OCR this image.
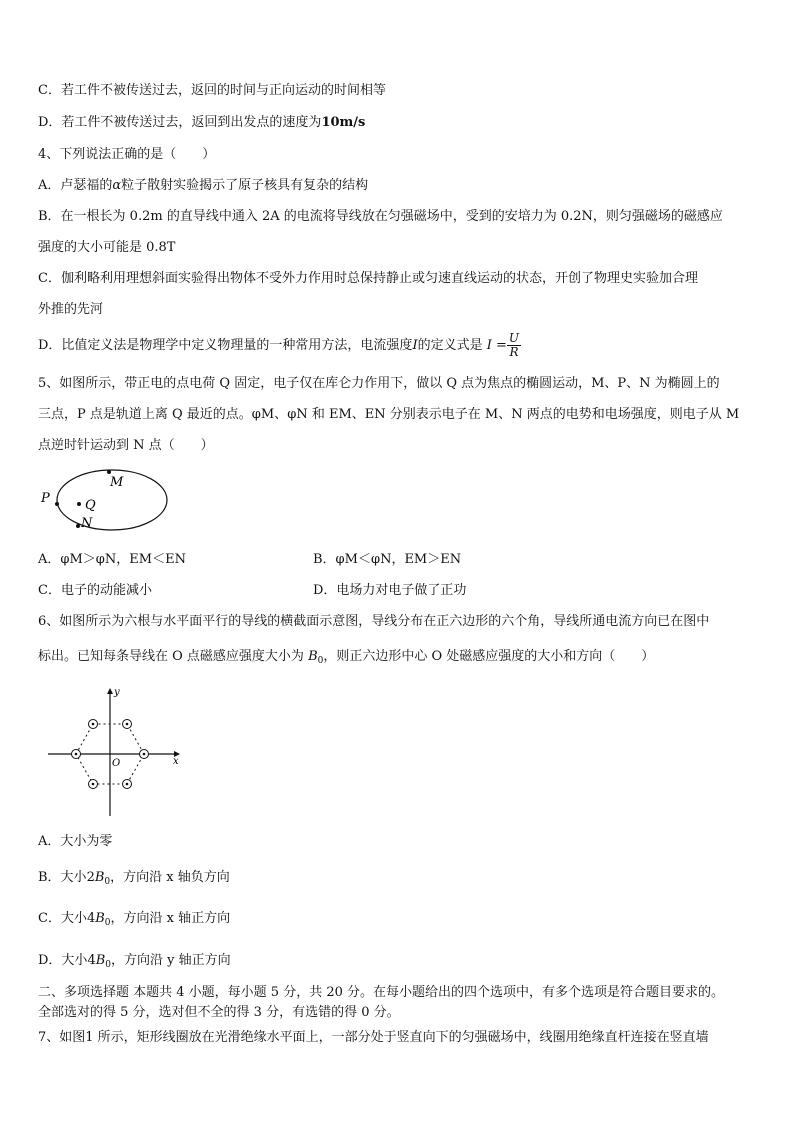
C．若工件不被传送过去，返回的时间与正向运动的时间相等
D．若工件不被传送过去，返回到出发点的速度为10m/s
4、下列说法正确的是（　　）
A．卢瑟福的α粒子散射实验揭示了原子核具有复杂的结构
B．在一根长为 0.2m 的直导线中通入 2A 的电流将导线放在匀强磁场中，受到的安培力为 0.2N，则匀强磁场的磁感应
强度的大小可能是 0.8T
C．伽利略利用理想斜面实验得出物体不受外力作用时总保持静止或匀速直线运动的状态，开创了物理史实验加合理
外推的先河
D．比值定义法是物理学中定义物理量的一种常用方法，电流强度I的定义式是 $I = \frac{U}{R}$
5、如图所示，带正电的点电荷 Q 固定，电子仅在库仑力作用下，做以 Q 点为焦点的椭圆运动，M、P、N 为椭圆上的
三点，P 点是轨道上离 Q 最近的点。φM、φN 和 EM、EN 分别表示电子在 M、N 两点的电势和电场强度，则电子从 M
点逆时针运动到 N 点（　　）
P	Q
M
N
A．φM＞φN，EM＜EN	B．φM＜φN，EM＞EN
C．电子的动能减小	D．电场力对电子做了正功
6、如图所示为六根与水平面平行的导线的横截面示意图，导线分布在正六边形的六个角，导线所通电流方向已在图中
标出。已知每条导线在 O 点磁感应强度大小为 $B_0$，则正六边形中心 O 处磁感应强度的大小和方向（　　）
y
x
O
A．大小为零
B．大小$2B_0$，方向沿 x 轴负方向
C．大小$4B_0$，方向沿 x 轴正方向
D．大小$4B_0$，方向沿 y 轴正方向
二、多项选择题 本题共 4 小题，每小题 5 分，共 20 分。在每小题给出的四个选项中，有多个选项是符合题目要求的。
全部选对的得 5 分，选对但不全的得 3 分，有选错的得 0 分。
7、如图1 所示，矩形线圈放在光滑绝缘水平面上，一部分处于竖直向下的匀强磁场中，线圈用绝缘直杆连接在竖直墙
